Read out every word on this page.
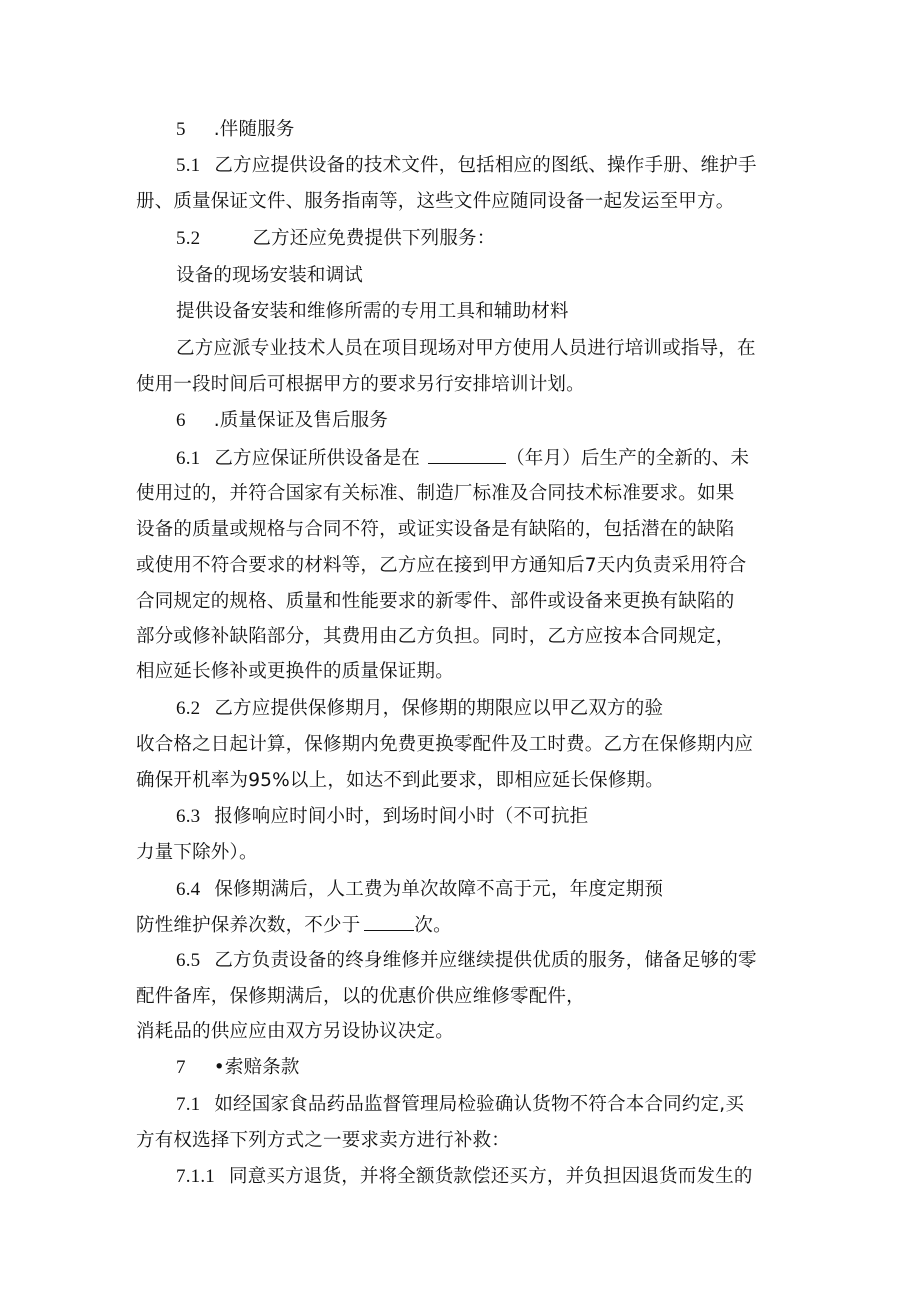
5 .伴随服务
5.1 乙方应提供设备的技术文件，包括相应的图纸、操作手册、维护手
册、质量保证文件、服务指南等，这些文件应随同设备一起发运至甲方。
5.2	乙方还应免费提供下列服务：
设备的现场安装和调试
提供设备安装和维修所需的专用工具和辅助材料
乙方应派专业技术人员在项目现场对甲方使用人员进行培训或指导，在
使用一段时间后可根据甲方的要求另行安排培训计划。
6 .质量保证及售后服务
6.1 乙方应保证所供设备是在	（年月）后生产的全新的、未
使用过的，并符合国家有关标准、制造厂标准及合同技术标准要求。如果
设备的质量或规格与合同不符，或证实设备是有缺陷的，包括潜在的缺陷
或使用不符合要求的材料等，乙方应在接到甲方通知后7天内负责采用符合
合同规定的规格、质量和性能要求的新零件、部件或设备来更换有缺陷的
部分或修补缺陷部分，其费用由乙方负担。同时，乙方应按本合同规定，
相应延长修补或更换件的质量保证期。
6.2 乙方应提供保修期月，保修期的期限应以甲乙双方的验
收合格之日起计算，保修期内免费更换零配件及工时费。乙方在保修期内应
确保开机率为95%以上，如达不到此要求，即相应延长保修期。
6.3 报修响应时间小时，到场时间小时（不可抗拒
力量下除外）。
6.4 保修期满后，人工费为单次故障不高于元，年度定期预
防性维护保养次数，不少于	次。
6.5 乙方负责设备的终身维修并应继续提供优质的服务，储备足够的零
配件备库，保修期满后，以的优惠价供应维修零配件，
消耗品的供应应由双方另设协议决定。
7 •索赔条款
7.1 如经国家食品药品监督管理局检验确认货物不符合本合同约定,买
方有权选择下列方式之一要求卖方进行补救：
7.1.1 同意买方退货，并将全额货款偿还买方，并负担因退货而发生的
